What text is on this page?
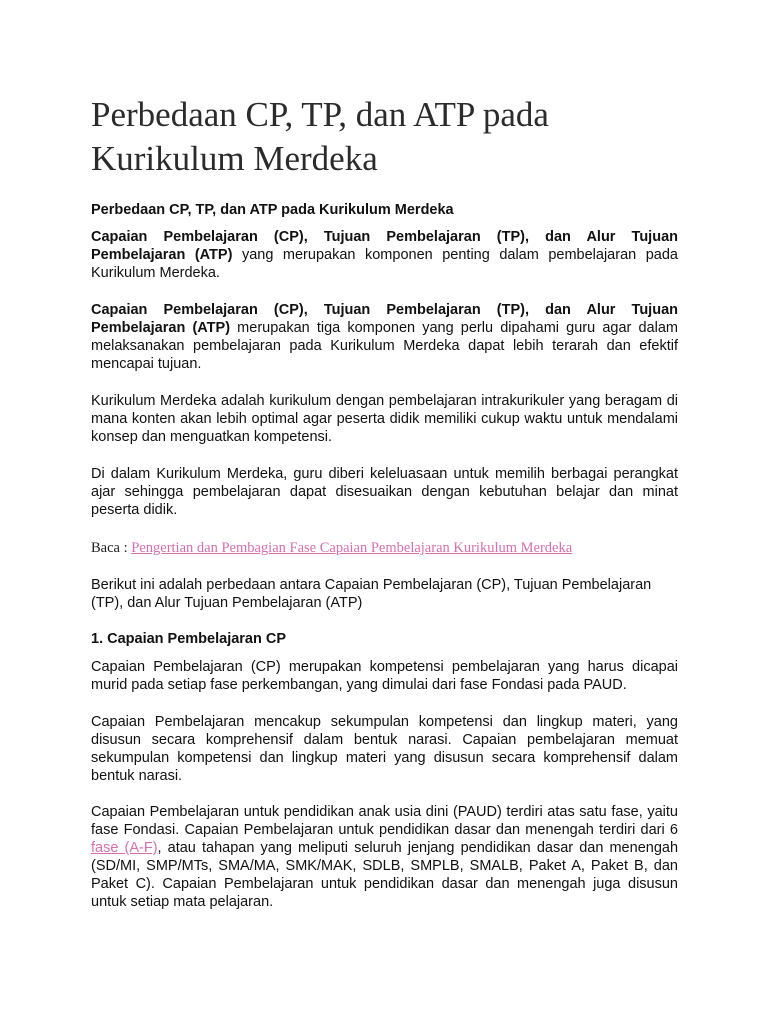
Perbedaan CP, TP, dan ATP pada Kurikulum Merdeka

Perbedaan CP, TP, dan ATP pada Kurikulum Merdeka

Capaian Pembelajaran (CP), Tujuan Pembelajaran (TP), dan Alur Tujuan Pembelajaran (ATP) yang merupakan komponen penting dalam pembelajaran pada Kurikulum Merdeka.

Capaian Pembelajaran (CP), Tujuan Pembelajaran (TP), dan Alur Tujuan Pembelajaran (ATP) merupakan tiga komponen yang perlu dipahami guru agar dalam melaksanakan pembelajaran pada Kurikulum Merdeka dapat lebih terarah dan efektif mencapai tujuan.

Kurikulum Merdeka adalah kurikulum dengan pembelajaran intrakurikuler yang beragam di mana konten akan lebih optimal agar peserta didik memiliki cukup waktu untuk mendalami konsep dan menguatkan kompetensi.

Di dalam Kurikulum Merdeka, guru diberi keleluasaan untuk memilih berbagai perangkat ajar sehingga pembelajaran dapat disesuaikan dengan kebutuhan belajar dan minat peserta didik.

Baca : Pengertian dan Pembagian Fase Capaian Pembelajaran Kurikulum Merdeka

Berikut ini adalah perbedaan antara Capaian Pembelajaran (CP), Tujuan Pembelajaran (TP), dan Alur Tujuan Pembelajaran (ATP)

1. Capaian Pembelajaran CP

Capaian Pembelajaran (CP) merupakan kompetensi pembelajaran yang harus dicapai murid pada setiap fase perkembangan, yang dimulai dari fase Fondasi pada PAUD.

Capaian Pembelajaran mencakup sekumpulan kompetensi dan lingkup materi, yang disusun secara komprehensif dalam bentuk narasi. Capaian pembelajaran memuat sekumpulan kompetensi dan lingkup materi yang disusun secara komprehensif dalam bentuk narasi.

Capaian Pembelajaran untuk pendidikan anak usia dini (PAUD) terdiri atas satu fase, yaitu fase Fondasi. Capaian Pembelajaran untuk pendidikan dasar dan menengah terdiri dari 6 fase (A-F), atau tahapan yang meliputi seluruh jenjang pendidikan dasar dan menengah (SD/MI, SMP/MTs, SMA/MA, SMK/MAK, SDLB, SMPLB, SMALB, Paket A, Paket B, dan Paket C). Capaian Pembelajaran untuk pendidikan dasar dan menengah juga disusun untuk setiap mata pelajaran.
